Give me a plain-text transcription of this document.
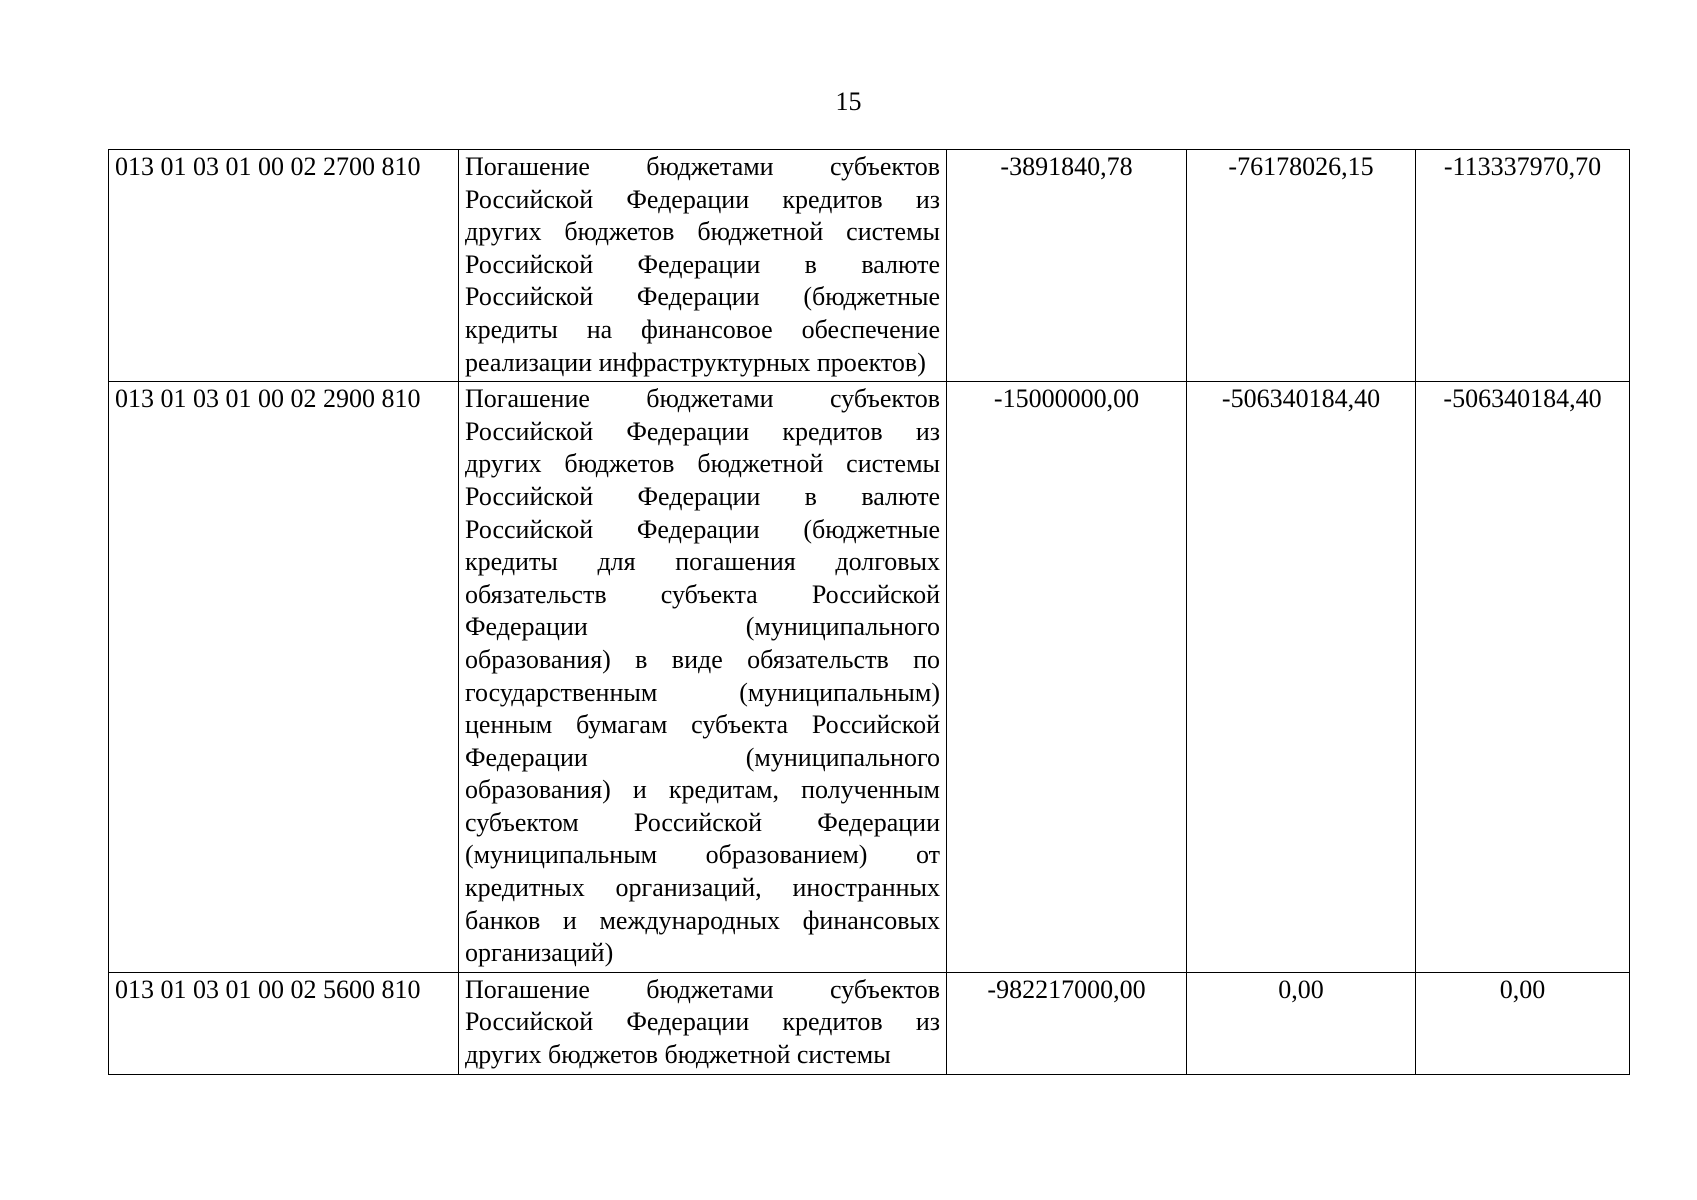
15
013 01 03 01 00 02 2700 810	Погашение бюджетами субъектов Российской Федерации кредитов из других бюджетов бюджетной системы Российской Федерации в валюте Российской Федерации (бюджетные кредиты на финансовое обеспечение реализации инфраструктурных проектов)	-3891840,78	-76178026,15	-113337970,70
013 01 03 01 00 02 2900 810	Погашение бюджетами субъектов Российской Федерации кредитов из других бюджетов бюджетной системы Российской Федерации в валюте Российской Федерации (бюджетные кредиты для погашения долговых обязательств субъекта Российской Федерации (муниципального образования) в виде обязательств по государственным (муниципальным) ценным бумагам субъекта Российской Федерации (муниципального образования) и кредитам, полученным субъектом Российской Федерации (муниципальным образованием) от кредитных организаций, иностранных банков и международных финансовых организаций)	-15000000,00	-506340184,40	-506340184,40
013 01 03 01 00 02 5600 810	Погашение бюджетами субъектов Российской Федерации кредитов из других бюджетов бюджетной системы	-982217000,00	0,00	0,00
